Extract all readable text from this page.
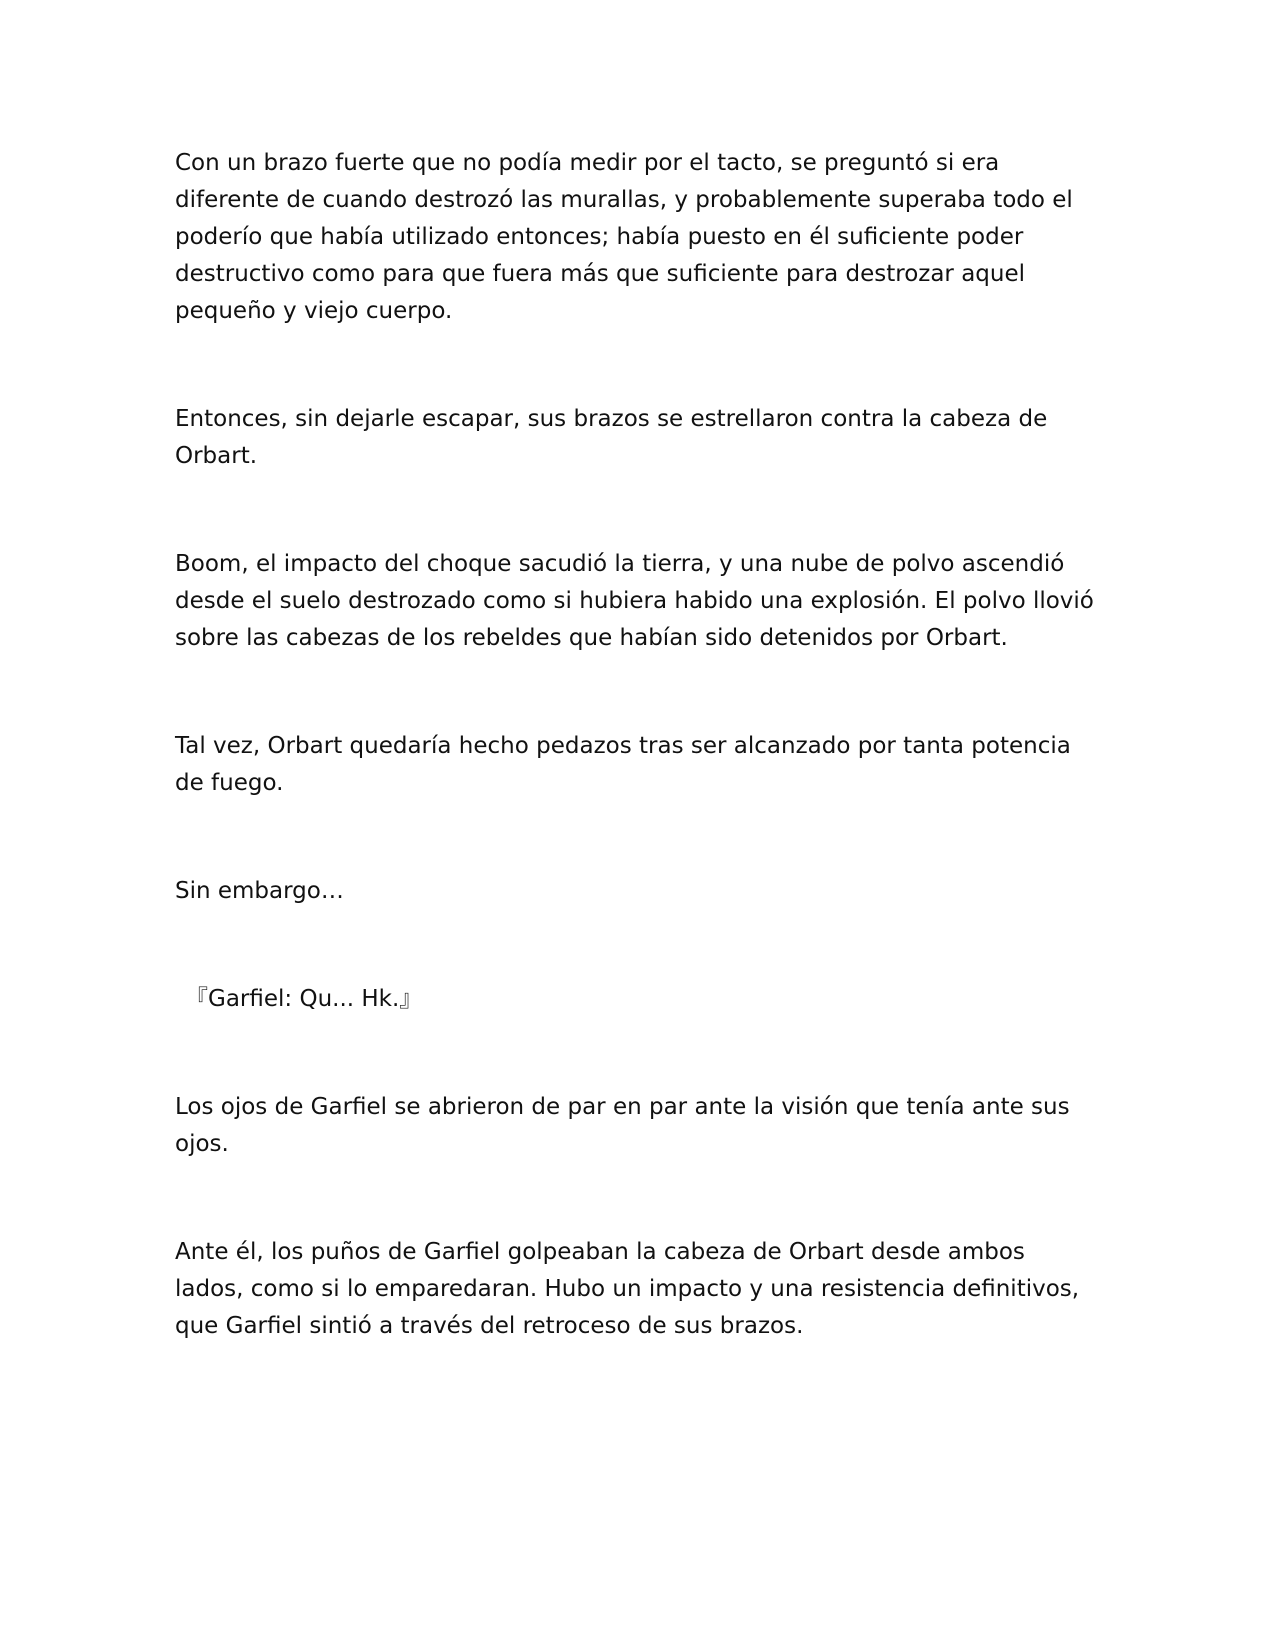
Con un brazo fuerte que no podía medir por el tacto, se preguntó si era diferente de cuando destrozó las murallas, y probablemente superaba todo el poderío que había utilizado entonces; había puesto en él suficiente poder destructivo como para que fuera más que suficiente para destrozar aquel pequeño y viejo cuerpo.

Entonces, sin dejarle escapar, sus brazos se estrellaron contra la cabeza de Orbart.

Boom, el impacto del choque sacudió la tierra, y una nube de polvo ascendió desde el suelo destrozado como si hubiera habido una explosión. El polvo llovió sobre las cabezas de los rebeldes que habían sido detenidos por Orbart.

Tal vez, Orbart quedaría hecho pedazos tras ser alcanzado por tanta potencia de fuego.

Sin embargo…

『Garfiel: Qu... Hk.』

Los ojos de Garfiel se abrieron de par en par ante la visión que tenía ante sus ojos.

Ante él, los puños de Garfiel golpeaban la cabeza de Orbart desde ambos lados, como si lo emparedaran. Hubo un impacto y una resistencia definitivos, que Garfiel sintió a través del retroceso de sus brazos.
